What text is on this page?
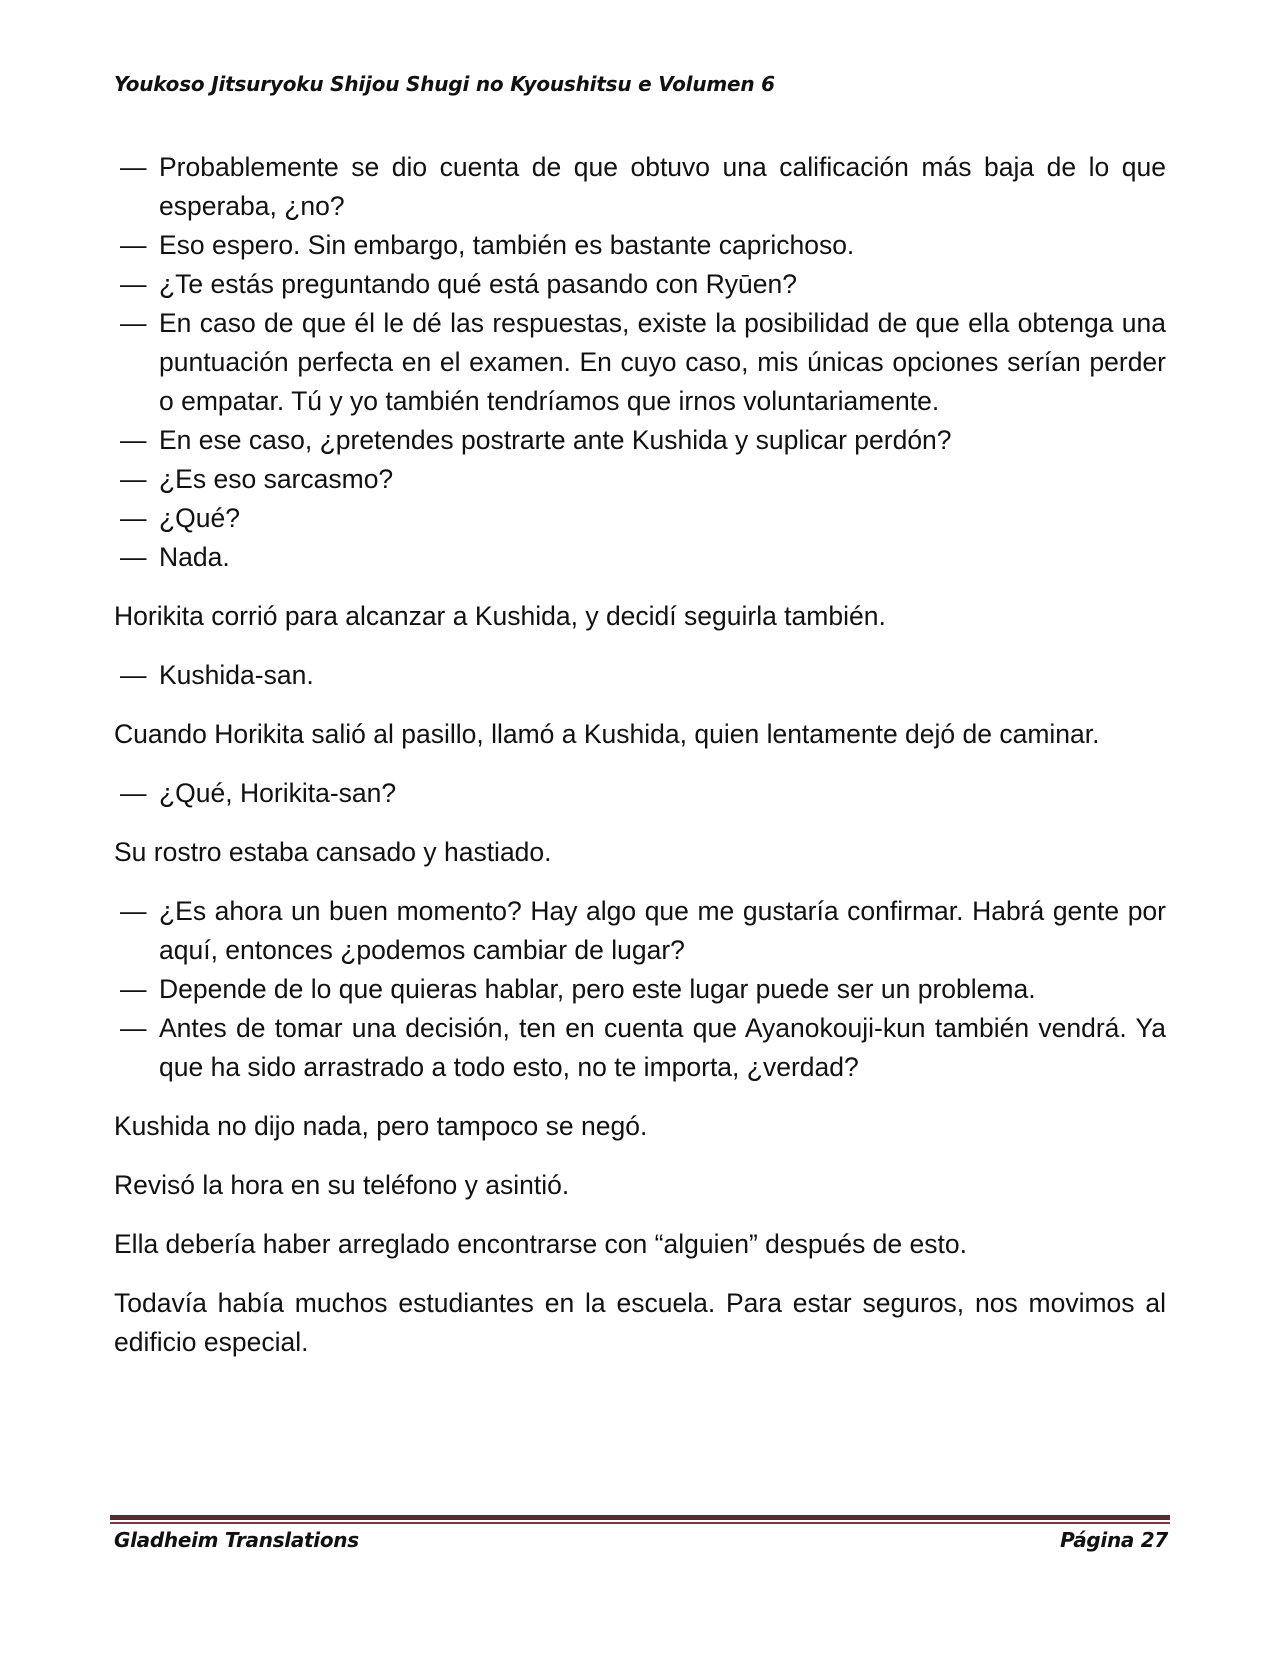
Youkoso Jitsuryoku Shijou Shugi no Kyoushitsu e Volumen 6

— Probablemente se dio cuenta de que obtuvo una calificación más baja de lo que esperaba, ¿no?

— Eso espero. Sin embargo, también es bastante caprichoso.

— ¿Te estás preguntando qué está pasando con Ryūen?

— En caso de que él le dé las respuestas, existe la posibilidad de que ella obtenga una puntuación perfecta en el examen. En cuyo caso, mis únicas opciones serían perder o empatar. Tú y yo también tendríamos que irnos voluntariamente.

— En ese caso, ¿pretendes postrarte ante Kushida y suplicar perdón?

— ¿Es eso sarcasmo?

— ¿Qué?

— Nada.

Horikita corrió para alcanzar a Kushida, y decidí seguirla también.

— Kushida-san.

Cuando Horikita salió al pasillo, llamó a Kushida, quien lentamente dejó de caminar.

— ¿Qué, Horikita-san?

Su rostro estaba cansado y hastiado.

— ¿Es ahora un buen momento? Hay algo que me gustaría confirmar. Habrá gente por aquí, entonces ¿podemos cambiar de lugar?

— Depende de lo que quieras hablar, pero este lugar puede ser un problema.

— Antes de tomar una decisión, ten en cuenta que Ayanokouji-kun también vendrá. Ya que ha sido arrastrado a todo esto, no te importa, ¿verdad?

Kushida no dijo nada, pero tampoco se negó.

Revisó la hora en su teléfono y asintió.

Ella debería haber arreglado encontrarse con “alguien” después de esto.

Todavía había muchos estudiantes en la escuela. Para estar seguros, nos movimos al edificio especial.

Gladheim Translations	Página 27
